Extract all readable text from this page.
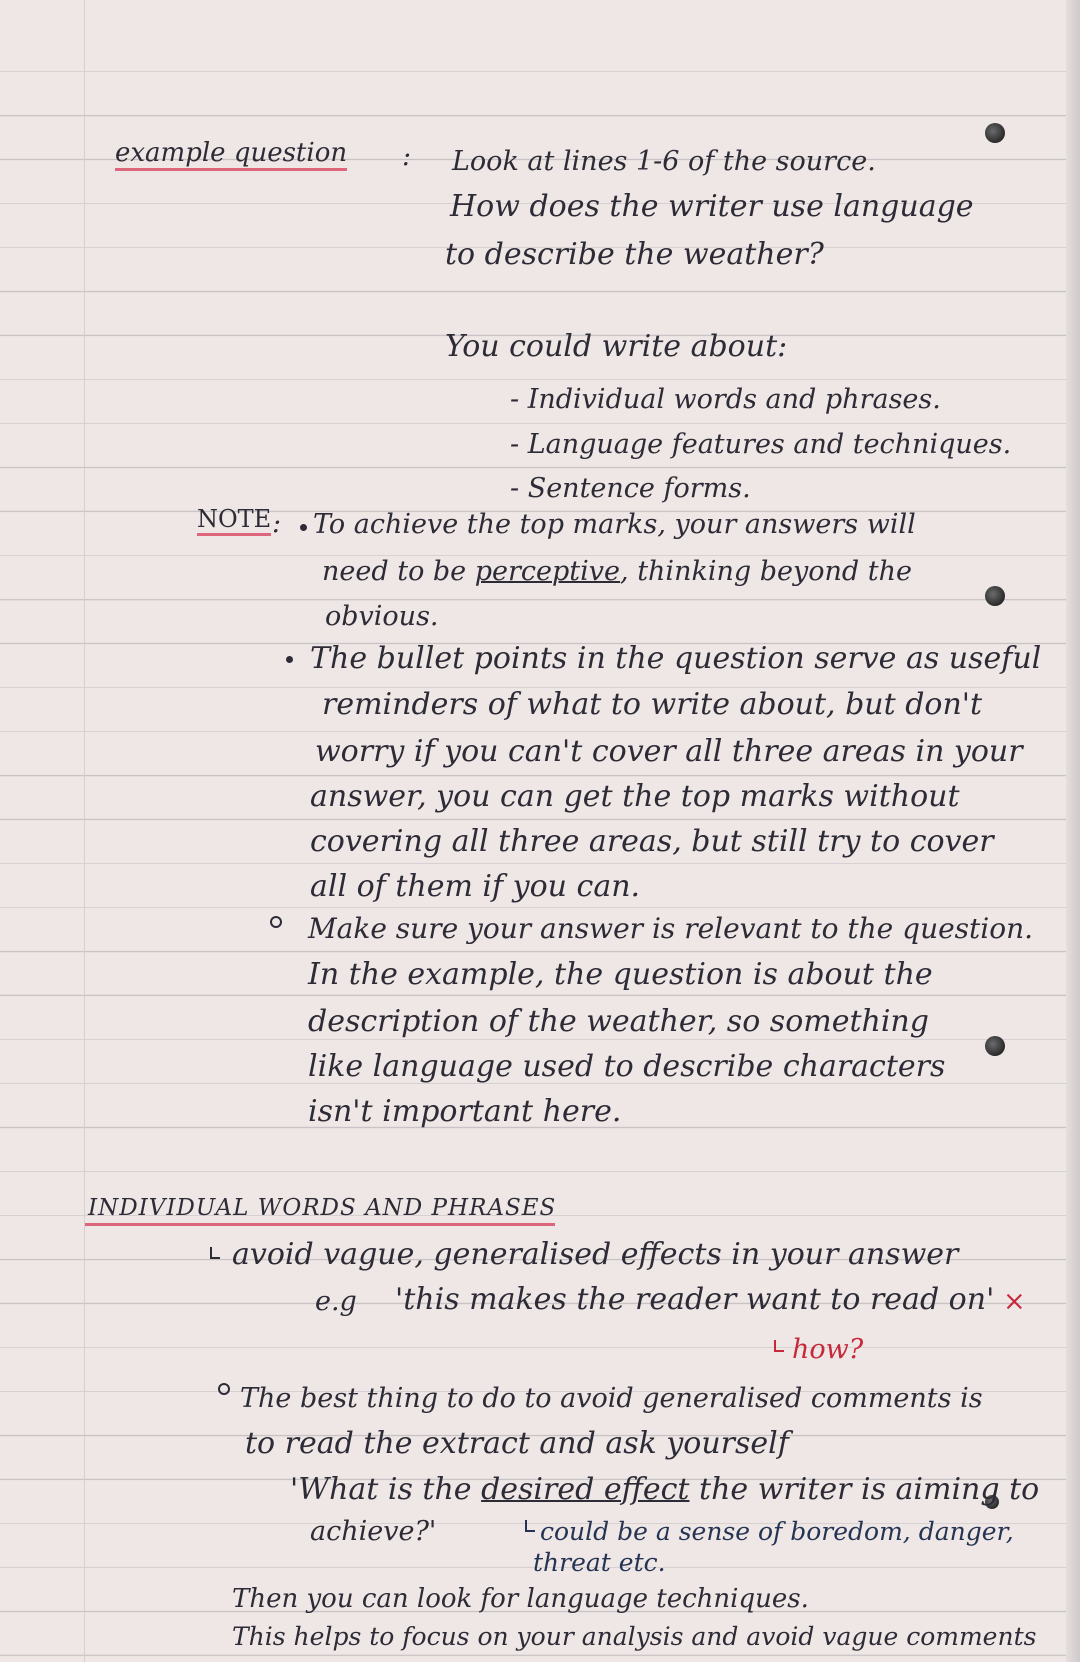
example question : Look at lines 1-6 of the source.
How does the writer use language
to describe the weather?
You could write about:
- Individual words and phrases.
- Language features and techniques.
- Sentence forms.
NOTE : To achieve the top marks, your answers will
need to be perceptive, thinking beyond the
obvious.
The bullet points in the question serve as useful
reminders of what to write about, but don't
worry if you can't cover all three areas in your
answer, you can get the top marks without
covering all three areas, but still try to cover
all of them if you can.
Make sure your answer is relevant to the question.
In the example, the question is about the
description of the weather, so something
like language used to describe characters
isn't important here.
INDIVIDUAL WORDS AND PHRASES
avoid vague, generalised effects in your answer
e.g 'this makes the reader want to read on' ×
how?
The best thing to do to avoid generalised comments is
to read the extract and ask yourself
'What is the desired effect the writer is aiming to
achieve?'	could be a sense of boredom, danger,
threat etc.
Then you can look for language techniques.
This helps to focus on your analysis and avoid vague comments
